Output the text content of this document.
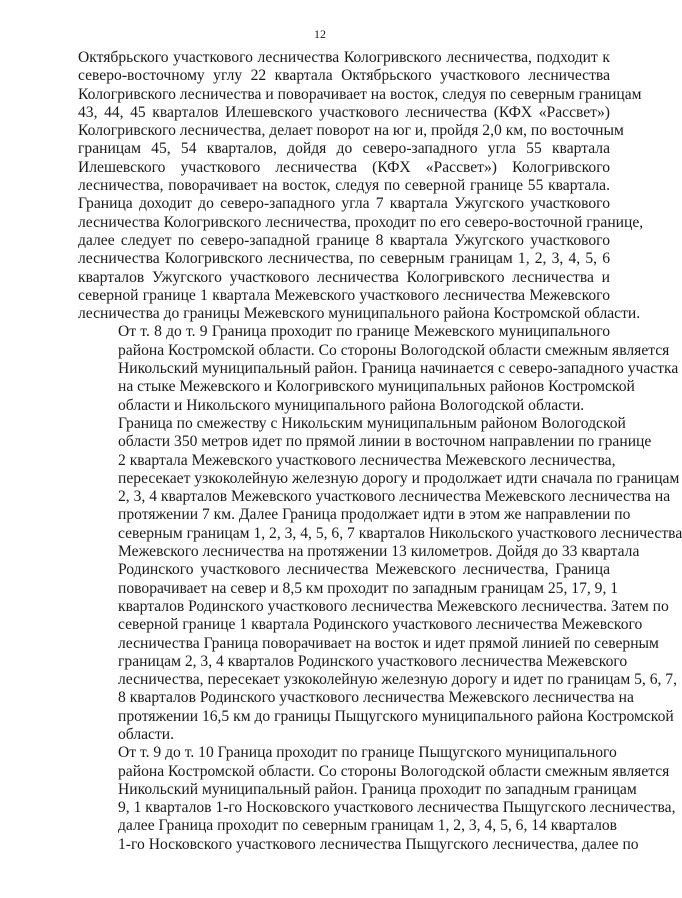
12

Октябрьского участкового лесничества Кологривского лесничества, подходит к
северо-восточному углу 22 квартала Октябрьского участкового лесничества
Кологривского лесничества и поворачивает на восток, следуя по северным границам
43, 44, 45 кварталов Илешевского участкового лесничества (КФХ «Рассвет»)
Кологривского лесничества, делает поворот на юг и, пройдя 2,0 км, по восточным
границам 45, 54 кварталов, дойдя до северо-западного угла 55 квартала
Илешевского участкового лесничества (КФХ «Рассвет») Кологривского
лесничества, поворачивает на восток, следуя по северной границе 55 квартала.
Граница доходит до северо-западного угла 7 квартала Ужугского участкового
лесничества Кологривского лесничества, проходит по его северо-восточной границе,
далее следует по северо-западной границе 8 квартала Ужугского участкового
лесничества Кологривского лесничества, по северным границам 1, 2, 3, 4, 5, 6
кварталов Ужугского участкового лесничества Кологривского лесничества и
северной границе 1 квартала Межевского участкового лесничества Межевского
лесничества до границы Межевского муниципального района Костромской области.

От т. 8 до т. 9 Граница проходит по границе Межевского муниципального
района Костромской области. Со стороны Вологодской области смежным является
Никольский муниципальный район. Граница начинается с северо-западного участка
на стыке Межевского и Кологривского муниципальных районов Костромской
области и Никольского муниципального района Вологодской области.

Граница по смежеству с Никольским муниципальным районом Вологодской
области 350 метров идет по прямой линии в восточном направлении по границе
2 квартала Межевского участкового лесничества Межевского лесничества,
пересекает узкоколейную железную дорогу и продолжает идти сначала по границам
2, 3, 4 кварталов Межевского участкового лесничества Межевского лесничества на
протяжении 7 км. Далее Граница продолжает идти в этом же направлении по
северным границам 1, 2, 3, 4, 5, 6, 7 кварталов Никольского участкового лесничества
Межевского лесничества на протяжении 13 километров. Дойдя до 33 квартала
Родинского участкового лесничества Межевского лесничества, Граница
поворачивает на север и 8,5 км проходит по западным границам 25, 17, 9, 1
кварталов Родинского участкового лесничества Межевского лесничества. Затем по
северной границе 1 квартала Родинского участкового лесничества Межевского
лесничества Граница поворачивает на восток и идет прямой линией по северным
границам 2, 3, 4 кварталов Родинского участкового лесничества Межевского
лесничества, пересекает узкоколейную железную дорогу и идет по границам 5, 6, 7,
8 кварталов Родинского участкового лесничества Межевского лесничества на
протяжении 16,5 км до границы Пыщугского муниципального района Костромской
области.

От т. 9 до т. 10 Граница проходит по границе Пыщугского муниципального
района Костромской области. Со стороны Вологодской области смежным является
Никольский муниципальный район. Граница проходит по западным границам
9, 1 кварталов 1-го Носковского участкового лесничества Пыщугского лесничества,
далее Граница проходит по северным границам 1, 2, 3, 4, 5, 6, 14 кварталов
1-го Носковского участкового лесничества Пыщугского лесничества, далее по
